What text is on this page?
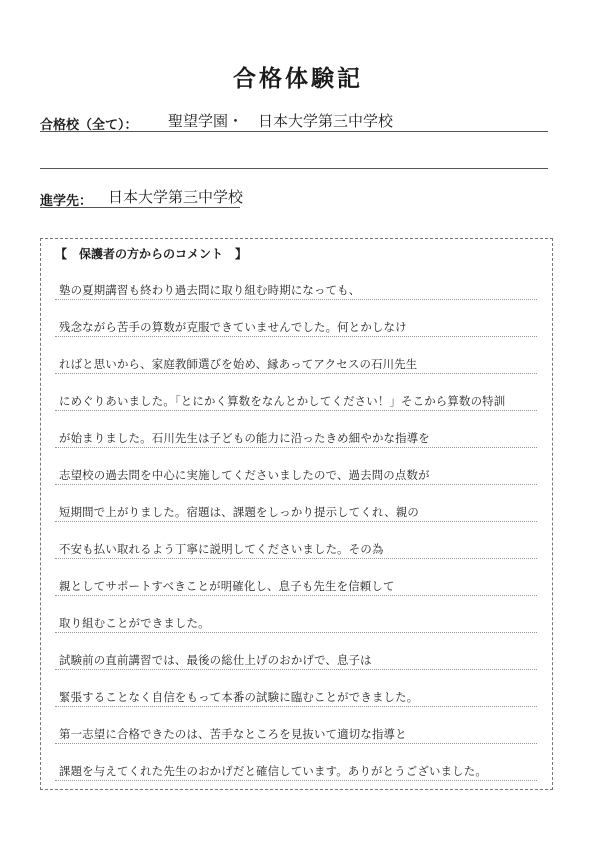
合格体験記
合格校（全て）： 聖望学園・　日本大学第三中学校
進学先： 日本大学第三中学校
【　保護者の方からのコメント　】
塾の夏期講習も終わり過去問に取り組む時期になっても、
残念ながら苦手の算数が克服できていませんでした。何とかしなけ
ればと思いから、家庭教師選びを始め、縁あってアクセスの石川先生
にめぐりあいました。「とにかく算数をなんとかしてください！」そこから算数の特訓
が始まりました。石川先生は子どもの能力に沿ったきめ細やかな指導を
志望校の過去問を中心に実施してくださいましたので、過去問の点数が
短期間で上がりました。宿題は、課題をしっかり提示してくれ、親の
不安も払い取れるよう丁寧に説明してくださいました。その為
親としてサポートすべきことが明確化し、息子も先生を信頼して
取り組むことができました。
試験前の直前講習では、最後の総仕上げのおかげで、息子は
緊張することなく自信をもって本番の試験に臨むことができました。
第一志望に合格できたのは、苦手なところを見抜いて適切な指導と
課題を与えてくれた先生のおかげだと確信しています。ありがとうございました。
